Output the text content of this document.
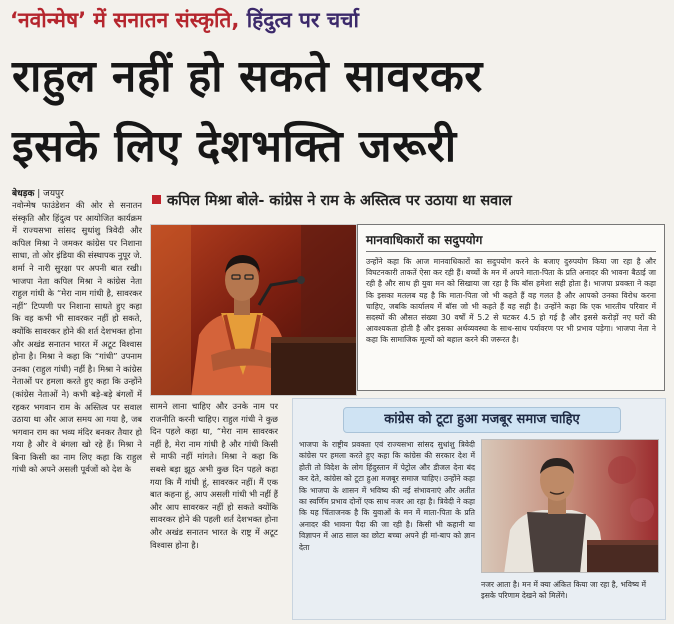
‘नवोन्मेष’ में सनातन संस्कृति, हिंदुत्व पर चर्चा
राहुल नहीं हो सकते सावरकर
इसके लिए देशभक्ति जरूरी
बेधड़क | जयपुर	कपिल मिश्रा बोले- कांग्रेस ने राम के अस्तित्व पर उठाया था सवाल
नवोन्मेष फाउंडेशन की ओर से सनातन संस्कृति और हिंदुत्व पर आयोजित कार्यक्रम में राज्यसभा सांसद सुधांशु त्रिवेदी और कपिल मिश्रा ने जमकर कांग्रेस पर निशाना साधा, तो ओर इंडिया की संस्थापक नुपूर जे. शर्मा ने नारी सुरक्षा पर अपनी बात रखी। भाजपा नेता कपिल मिश्रा ने कांग्रेस नेता राहुल गांधी के “मेरा नाम गांधी है, सावरकर नहीं” टिप्पणी पर निशाना साधते हुए कहा कि वह कभी भी सावरकर नहीं हो सकते, क्योंकि सावरकर होने की शर्त देशभक्त होना और अखंड सनातन भारत में अटूट विश्वास होना है। मिश्रा ने कहा कि “गांधी” उपनाम उनका (राहुल गांधी) नहीं है। मिश्रा ने कांग्रेस नेताओं पर हमला करते हुए कहा कि उन्होंने (कांग्रेस नेताओं ने) कभी बड़े-बड़े बंगलों में रहकर भगवान राम के अस्तित्व पर सवाल उठाया था और आज समय आ गया है, जब भगवान राम का भव्य मंदिर बनकर तैयार हो गया है और वे बंगला खो रहे हैं। मिश्रा ने बिना किसी का नाम लिए कहा कि राहुल गांधी को अपने असली पूर्वजों को देश के
मानवाधिकारों का सदुपयोग
उन्होंने कहा कि आज मानवाधिकारों का सदुपयोग करने के बजाए दुरुपयोग किया जा रहा है और विघटनकारी ताकतें ऐसा कर रही हैं। बच्चों के मन में अपने माता-पिता के प्रति अनादर की भावना बैठाई जा रही है और साथ ही युवा मन को सिखाया जा रहा है कि बॉस हमेशा सही होता है। भाजपा प्रवक्ता ने कहा कि इसका मतलब यह है कि माता-पिता जो भी कहते हैं वह गलत है और आपको उनका विरोध करना चाहिए, जबकि कार्यालय में बॉस जो भी कहते हैं वह सही है। उन्होंने कहा कि एक भारतीय परिवार में सदस्यों की औसत संख्या 30 वर्षों में 5.2 से घटकर 4.5 हो गई है और इससे करोड़ों नए घरों की आवश्यकता होती है और इसका अर्थव्यवस्था के साथ-साथ पर्यावरण पर भी प्रभाव पड़ेगा। भाजपा नेता ने कहा कि सामाजिक मूल्यों को बहाल करने की जरूरत है।
सामने लाना चाहिए और उनके नाम पर राजनीति करनी चाहिए। राहुल गांधी ने कुछ दिन पहले कहा था, “मेरा नाम सावरकर नहीं है, मेरा नाम गांधी है और गांधी किसी से माफी नहीं मांगते। मिश्रा ने कहा कि सबसे बड़ा झूठ अभी कुछ दिन पहले कहा गया कि मैं गांधी हूं, सावरकर नहीं। मैं एक बात कहना हूं, आप असली गांधी भी नहीं हैं और आप सावरकर नहीं हो सकते क्योंकि सावरकर होने की पहली शर्त देशभक्त होना और अखंड सनातन भारत के राष्ट्र में अटूट विश्वास होना है।
कांग्रेस को टूटा हुआ मजबूर समाज चाहिए
भाजपा के राष्ट्रीय प्रवक्ता एवं राज्यसभा सांसद सुधांशु त्रिवेदी कांग्रेस पर हमला करते हुए कहा कि कांग्रेस की सरकार देश में होती तो विदेश के लोग हिंदुस्तान में पेट्रोल और डीजल देना बंद कर देते, कांग्रेस को टूटा हुआ मजबूर समाज चाहिए। उन्होंने कहा कि भाजपा के शासन में भविष्य की नई संभावनाएं और अतीत का स्वर्णिम प्रभाव दोनों एक साथ नजर आ रहा है। त्रिवेदी ने कहा कि यह चिंताजनक है कि युवाओं के मन में माता-पिता के प्रति अनादर की भावना पैदा की जा रही है। किसी भी कहानी या विज्ञापन में आठ साल का छोटा बच्चा अपने ही मां-बाप को ज्ञान देता
नजर आता है। मन में क्या अंकित किया जा रहा है, भविष्य में इसके परिणाम देखने को मिलेंगे।
